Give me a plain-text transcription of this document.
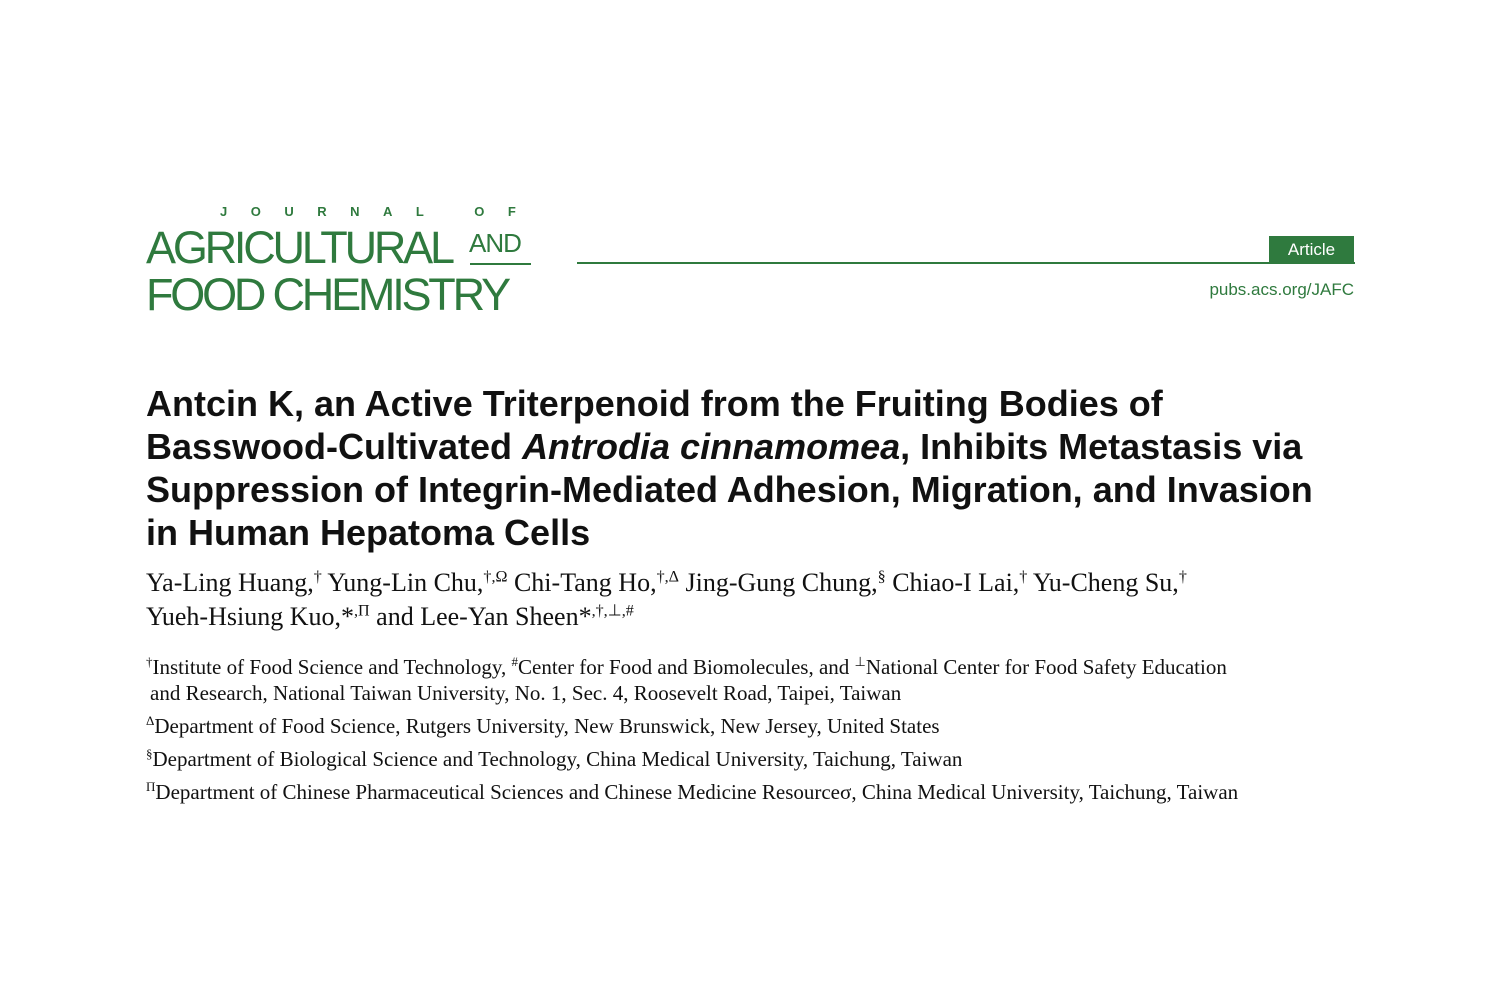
JOURNAL OF
AGRICULTURAL AND
FOOD CHEMISTRY
Article
pubs.acs.org/JAFC
Antcin K, an Active Triterpenoid from the Fruiting Bodies of
Basswood-Cultivated Antrodia cinnamomea, Inhibits Metastasis via
Suppression of Integrin-Mediated Adhesion, Migration, and Invasion
in Human Hepatoma Cells
Ya-Ling Huang,† Yung-Lin Chu,$^{\dagger,\Omega}$ Chi-Tang Ho,$^{\dagger,\Delta}$ Jing-Gung Chung,§ Chiao-I Lai,† Yu-Cheng Su,†
Yueh-Hsiung Kuo,*$^{,\Pi}$ and Lee-Yan Sheen*,†,⊥,#
†Institute of Food Science and Technology, #Center for Food and Biomolecules, and ⊥National Center for Food Safety Education
and Research, National Taiwan University, No. 1, Sec. 4, Roosevelt Road, Taipei, Taiwan
$^\Delta$Department of Food Science, Rutgers University, New Brunswick, New Jersey, United States
§Department of Biological Science and Technology, China Medical University, Taichung, Taiwan
$^\Pi$Department of Chinese Pharmaceutical Sciences and Chinese Medicine Resourceσ, China Medical University, Taichung, Taiwan
